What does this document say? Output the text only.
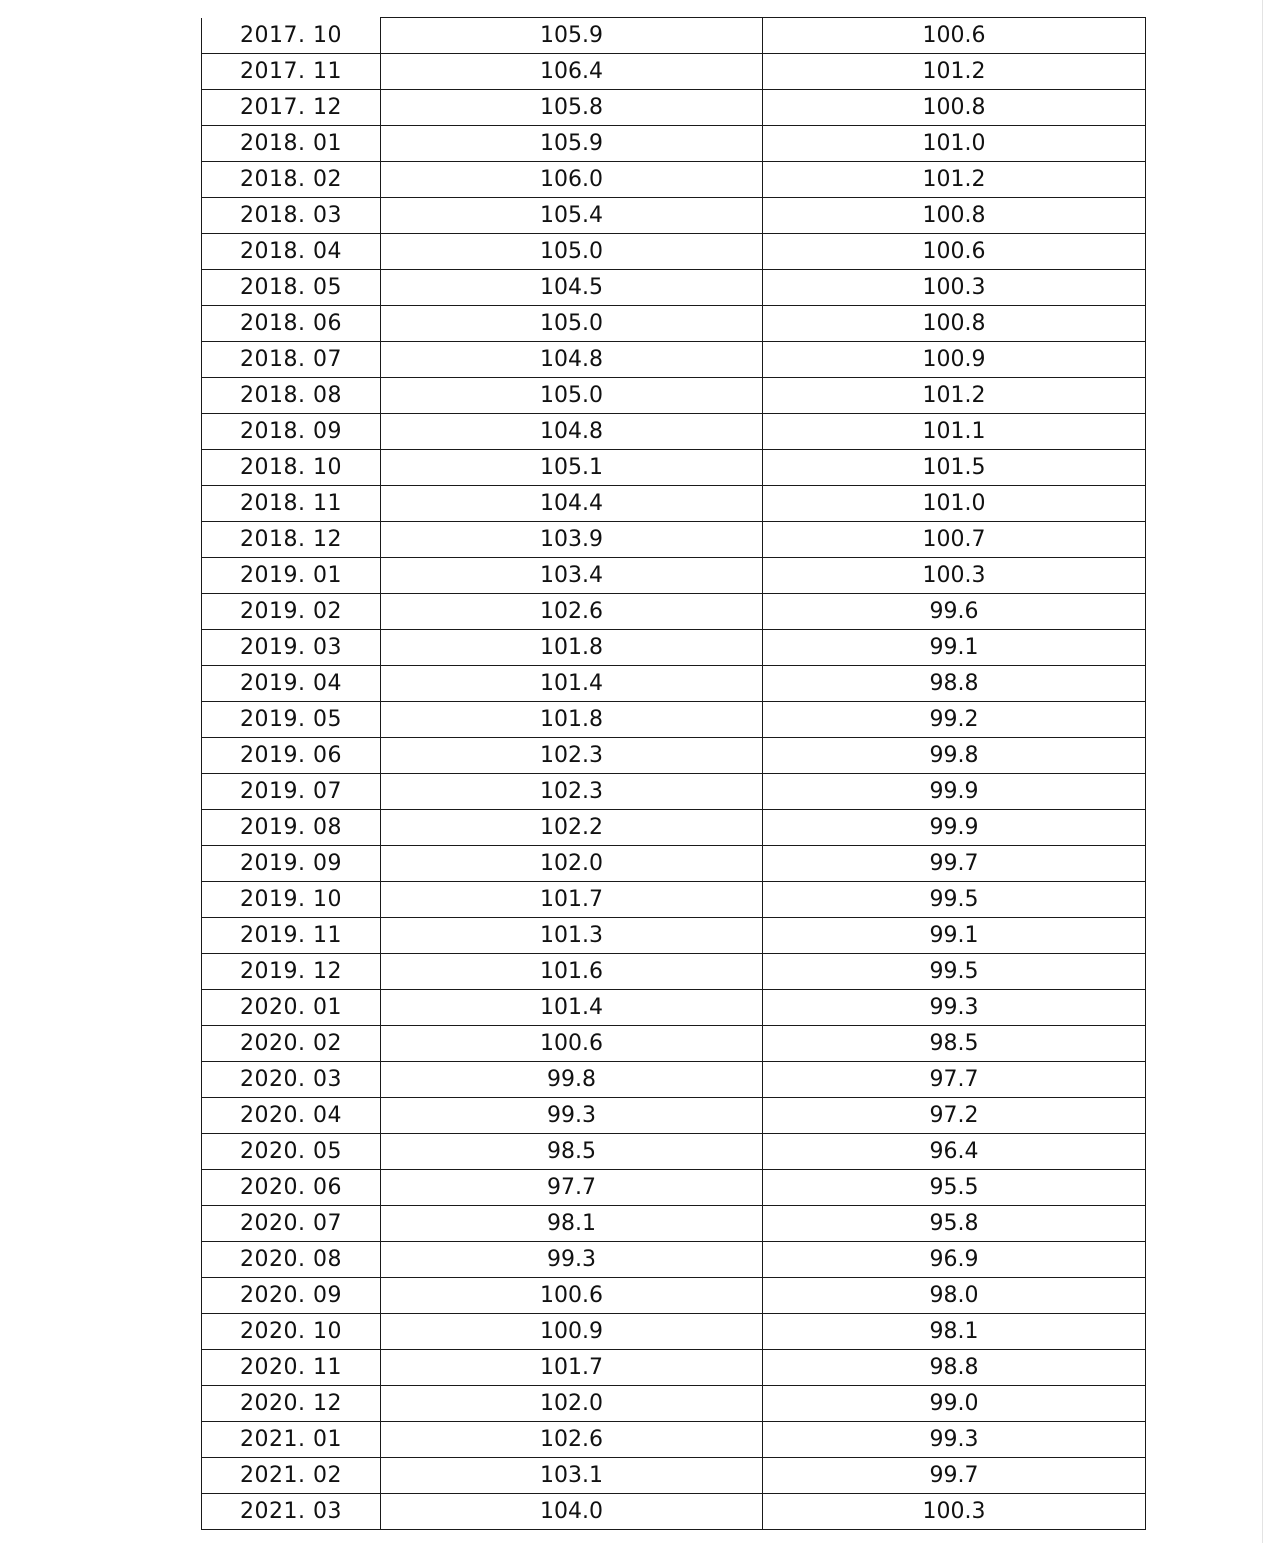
2017. 10	105.9	100.6
2017. 11	106.4	101.2
2017. 12	105.8	100.8
2018. 01	105.9	101.0
2018. 02	106.0	101.2
2018. 03	105.4	100.8
2018. 04	105.0	100.6
2018. 05	104.5	100.3
2018. 06	105.0	100.8
2018. 07	104.8	100.9
2018. 08	105.0	101.2
2018. 09	104.8	101.1
2018. 10	105.1	101.5
2018. 11	104.4	101.0
2018. 12	103.9	100.7
2019. 01	103.4	100.3
2019. 02	102.6	99.6
2019. 03	101.8	99.1
2019. 04	101.4	98.8
2019. 05	101.8	99.2
2019. 06	102.3	99.8
2019. 07	102.3	99.9
2019. 08	102.2	99.9
2019. 09	102.0	99.7
2019. 10	101.7	99.5
2019. 11	101.3	99.1
2019. 12	101.6	99.5
2020. 01	101.4	99.3
2020. 02	100.6	98.5
2020. 03	99.8	97.7
2020. 04	99.3	97.2
2020. 05	98.5	96.4
2020. 06	97.7	95.5
2020. 07	98.1	95.8
2020. 08	99.3	96.9
2020. 09	100.6	98.0
2020. 10	100.9	98.1
2020. 11	101.7	98.8
2020. 12	102.0	99.0
2021. 01	102.6	99.3
2021. 02	103.1	99.7
2021. 03	104.0	100.3
